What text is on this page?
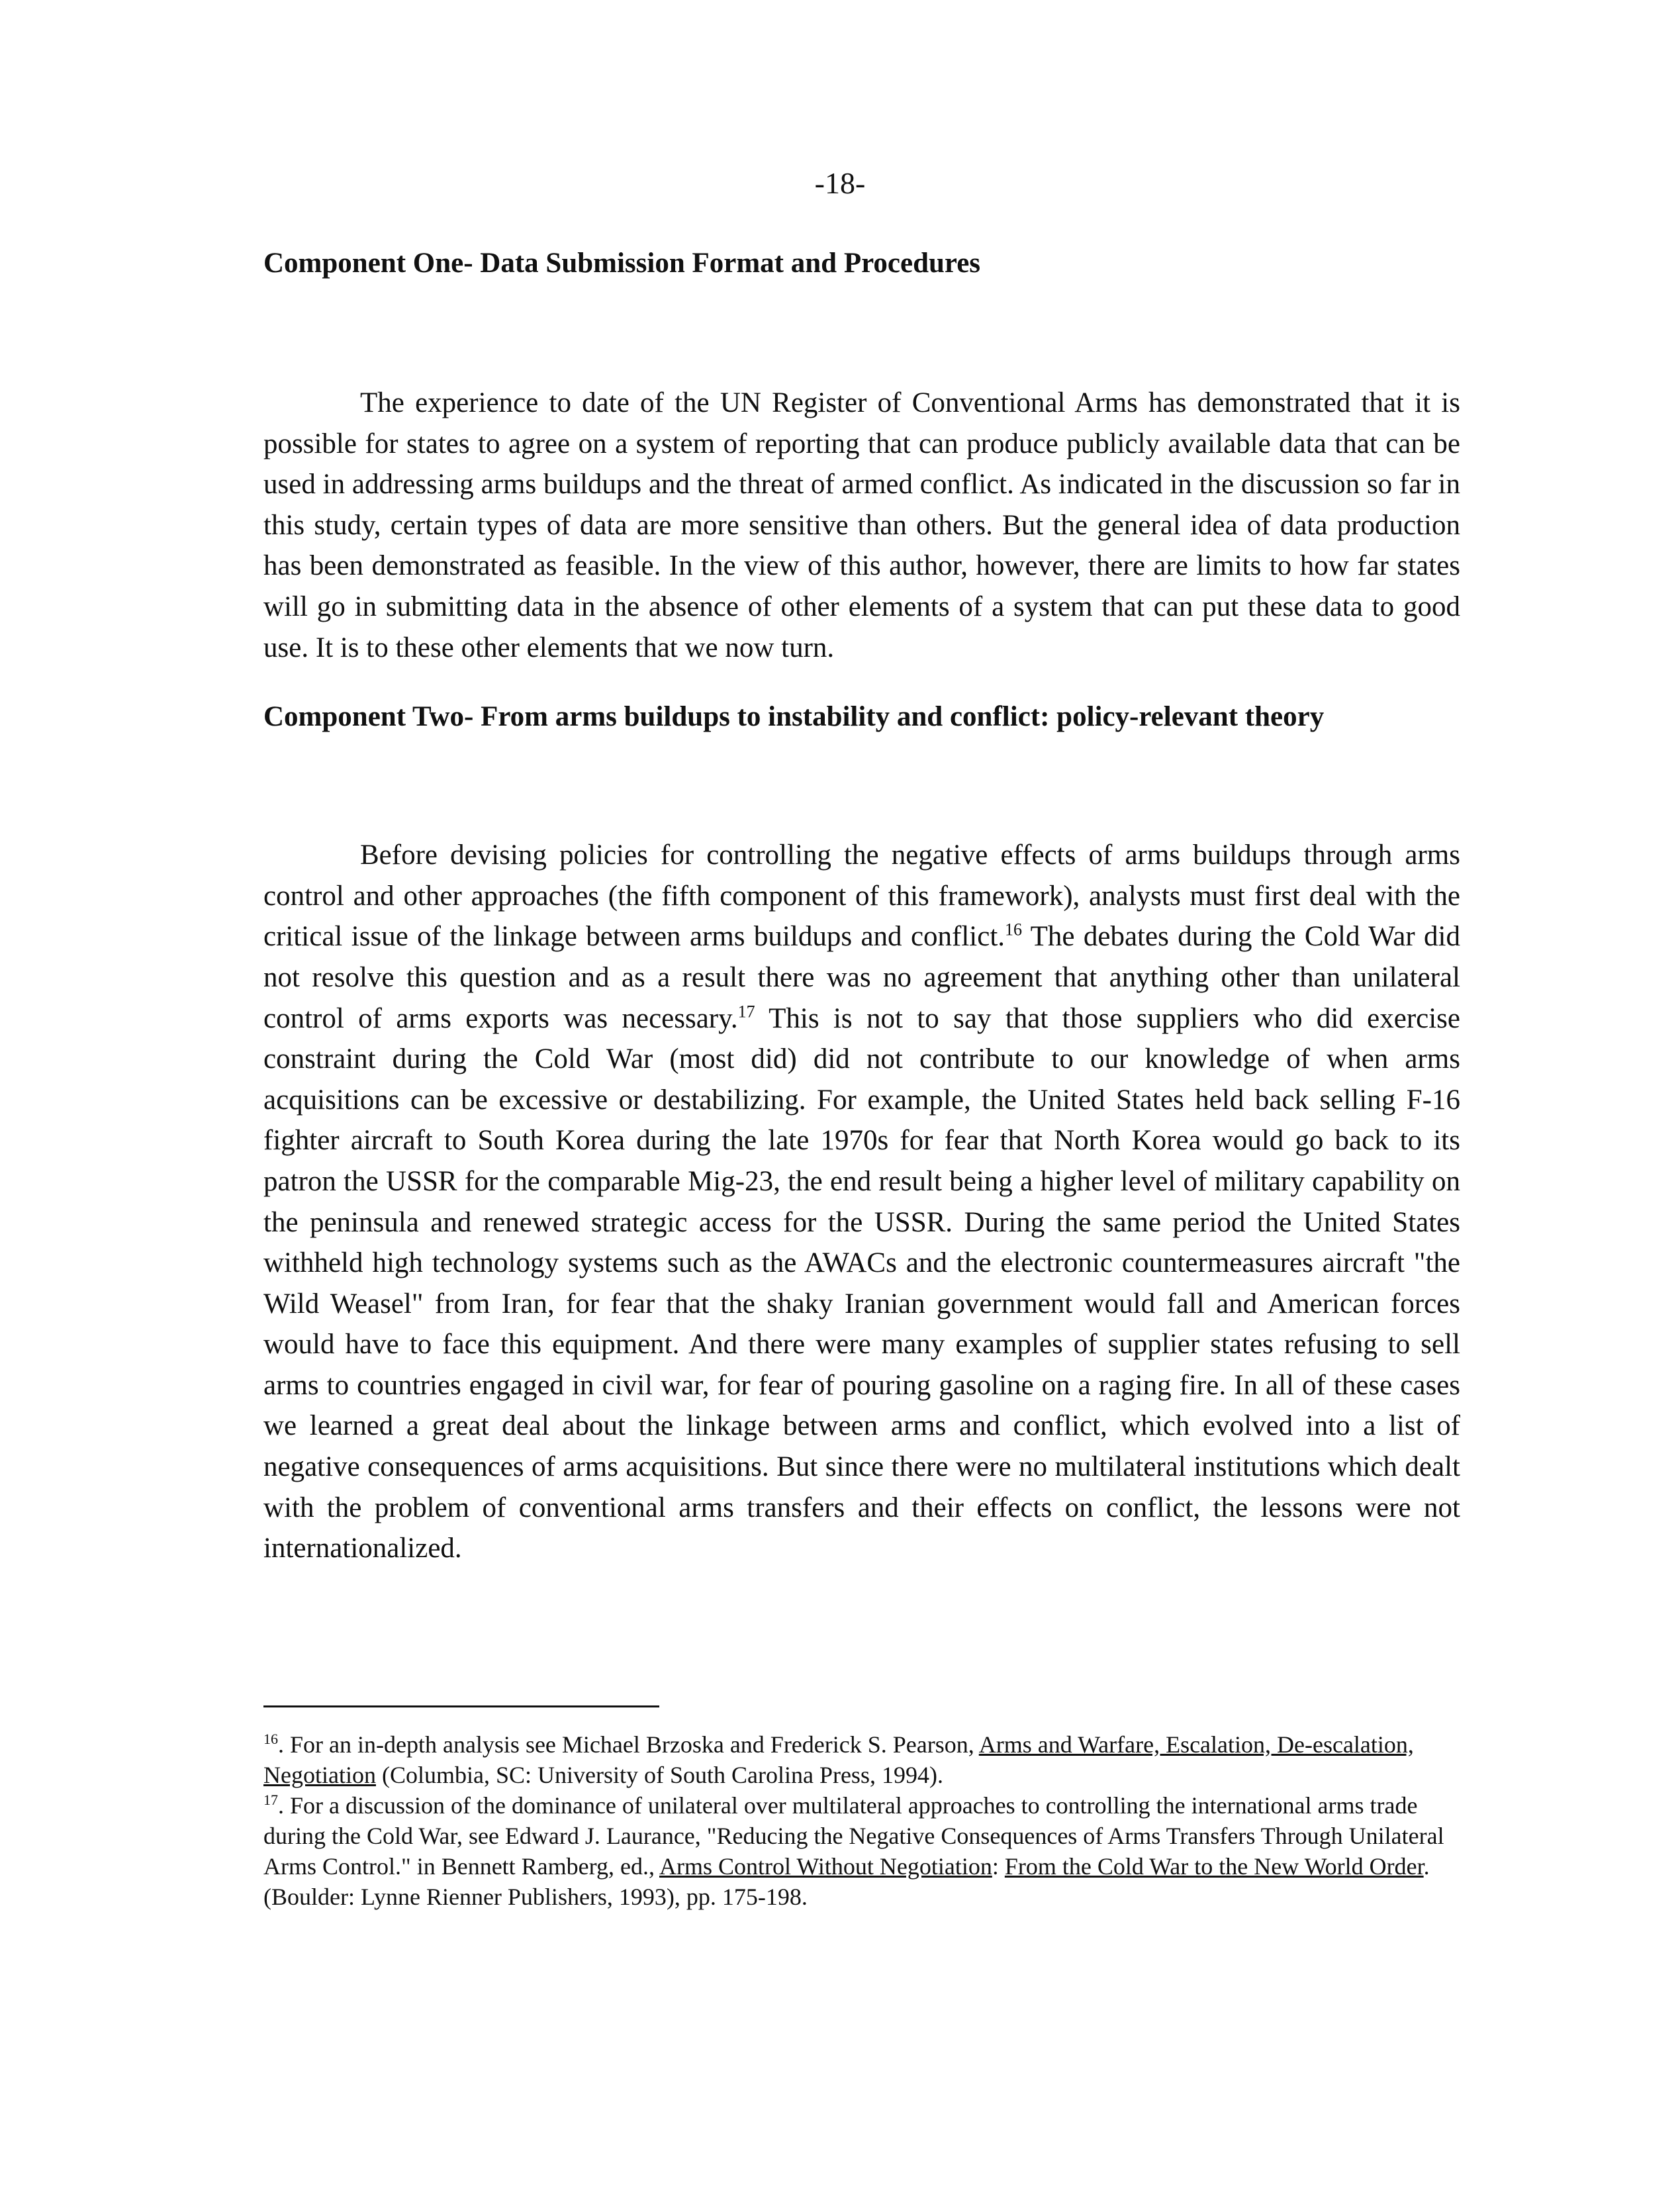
-18-
Component One- Data Submission Format and Procedures

The experience to date of the UN Register of Conventional Arms has demonstrated that it is possible for states to agree on a system of reporting that can produce publicly available data that can be used in addressing arms buildups and the threat of armed conflict. As indicated in the discussion so far in this study, certain types of data are more sensitive than others. But the general idea of data production has been demonstrated as feasible. In the view of this author, however, there are limits to how far states will go in submitting data in the absence of other elements of a system that can put these data to good use. It is to these other elements that we now turn.

Component Two- From arms buildups to instability and conflict: policy-relevant theory

Before devising policies for controlling the negative effects of arms buildups through arms control and other approaches (the fifth component of this framework), analysts must first deal with the critical issue of the linkage between arms buildups and conflict.$^{16}$ The debates during the Cold War did not resolve this question and as a result there was no agreement that anything other than unilateral control of arms exports was necessary.$^{17}$ This is not to say that those suppliers who did exercise constraint during the Cold War (most did) did not contribute to our knowledge of when arms acquisitions can be excessive or destabilizing. For example, the United States held back selling F-16 fighter aircraft to South Korea during the late 1970s for fear that North Korea would go back to its patron the USSR for the comparable Mig-23, the end result being a higher level of military capability on the peninsula and renewed strategic access for the USSR. During the same period the United States withheld high technology systems such as the AWACs and the electronic countermeasures aircraft "the Wild Weasel" from Iran, for fear that the shaky Iranian government would fall and American forces would have to face this equipment. And there were many examples of supplier states refusing to sell arms to countries engaged in civil war, for fear of pouring gasoline on a raging fire. In all of these cases we learned a great deal about the linkage between arms and conflict, which evolved into a list of negative consequences of arms acquisitions. But since there were no multilateral institutions which dealt with the problem of conventional arms transfers and their effects on conflict, the lessons were not internationalized.

$^{16}$. For an in-depth analysis see Michael Brzoska and Frederick S. Pearson, Arms and Warfare, Escalation, De-escalation, Negotiation (Columbia, SC: University of South Carolina Press, 1994).

$^{17}$. For a discussion of the dominance of unilateral over multilateral approaches to controlling the international arms trade during the Cold War, see Edward J. Laurance, "Reducing the Negative Consequences of Arms Transfers Through Unilateral Arms Control." in Bennett Ramberg, ed., Arms Control Without Negotiation: From the Cold War to the New World Order. (Boulder: Lynne Rienner Publishers, 1993), pp. 175-198.
